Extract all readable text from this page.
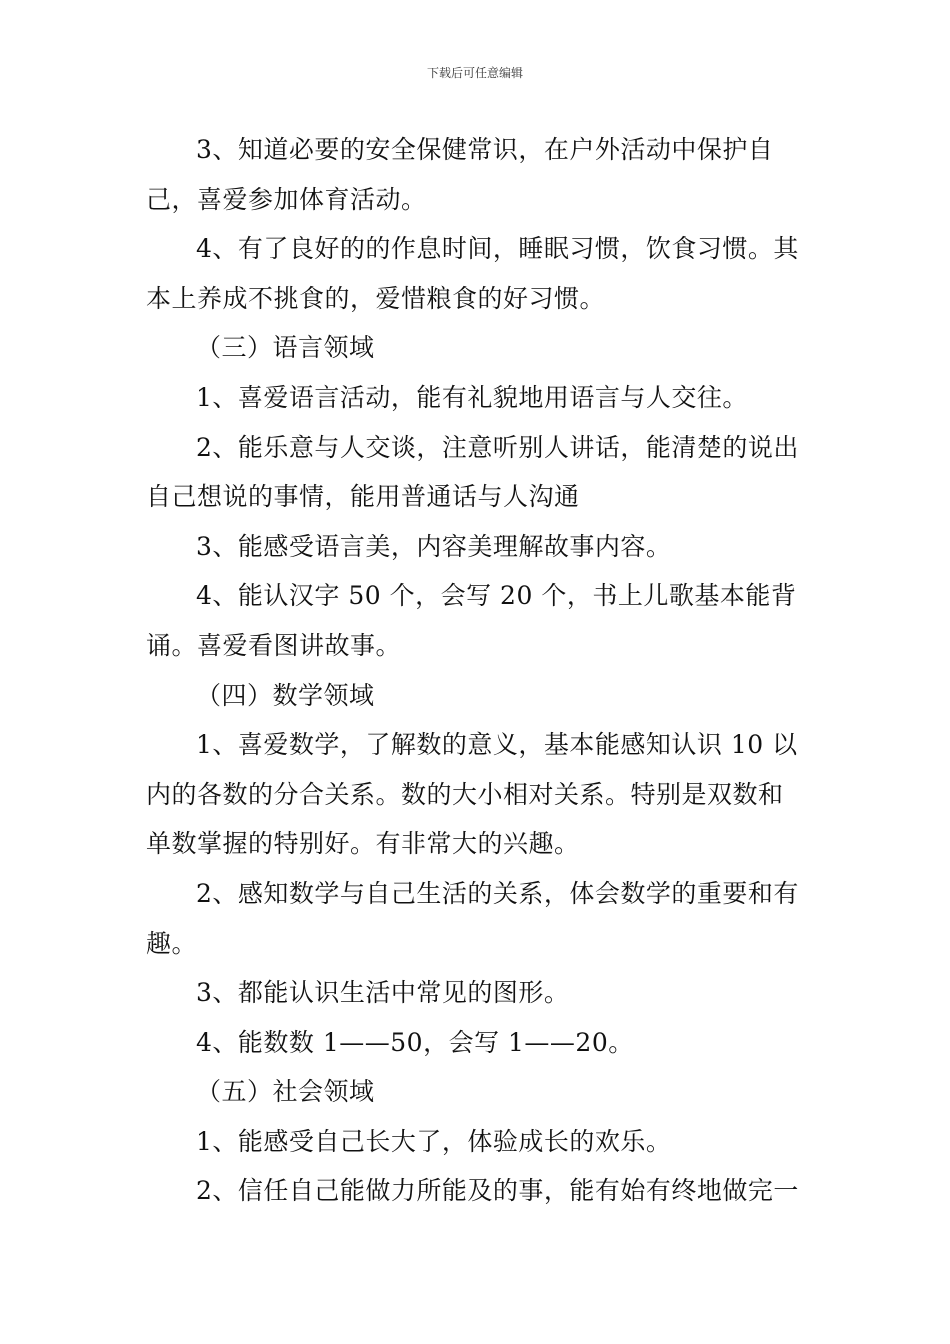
下载后可任意编辑

3、知道必要的安全保健常识，在户外活动中保护自己，喜爱参加体育活动。

4、有了良好的的作息时间，睡眠习惯，饮食习惯。其本上养成不挑食的，爱惜粮食的好习惯。

（三）语言领域

1、喜爱语言活动，能有礼貌地用语言与人交往。

2、能乐意与人交谈，注意听别人讲话，能清楚的说出自己想说的事情，能用普通话与人沟通

3、能感受语言美，内容美理解故事内容。

4、能认汉字 50 个，会写 20 个，书上儿歌基本能背诵。喜爱看图讲故事。

（四）数学领域

1、喜爱数学，了解数的意义，基本能感知认识 10 以内的各数的分合关系。数的大小相对关系。特别是双数和单数掌握的特别好。有非常大的兴趣。

2、感知数学与自己生活的关系，体会数学的重要和有趣。

3、都能认识生活中常见的图形。

4、能数数 1——50，会写 1——20。

（五）社会领域

1、能感受自己长大了，体验成长的欢乐。

2、信任自己能做力所能及的事，能有始有终地做完一
